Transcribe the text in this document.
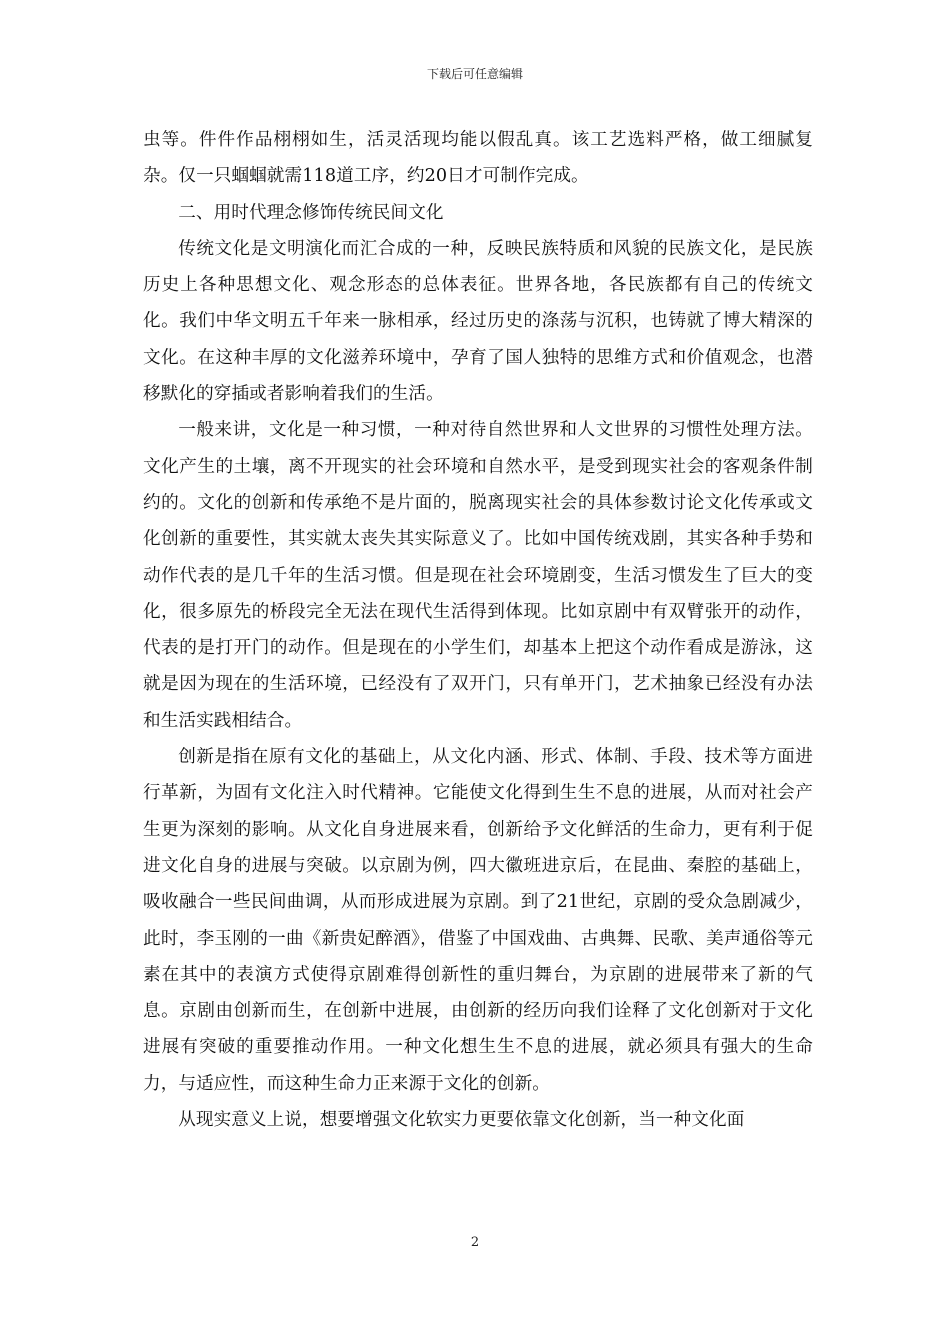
下载后可任意编辑

虫等。件件作品栩栩如生，活灵活现均能以假乱真。该工艺选料严格，做工细腻复杂。仅一只蝈蝈就需118道工序，约20日才可制作完成。

二、用时代理念修饰传统民间文化

传统文化是文明演化而汇合成的一种，反映民族特质和风貌的民族文化，是民族历史上各种思想文化、观念形态的总体表征。世界各地，各民族都有自己的传统文化。我们中华文明五千年来一脉相承，经过历史的涤荡与沉积，也铸就了博大精深的文化。在这种丰厚的文化滋养环境中，孕育了国人独特的思维方式和价值观念，也潜移默化的穿插或者影响着我们的生活。

一般来讲，文化是一种习惯，一种对待自然世界和人文世界的习惯性处理方法。文化产生的土壤，离不开现实的社会环境和自然水平，是受到现实社会的客观条件制约的。文化的创新和传承绝不是片面的，脱离现实社会的具体参数讨论文化传承或文化创新的重要性，其实就太丧失其实际意义了。比如中国传统戏剧，其实各种手势和动作代表的是几千年的生活习惯。但是现在社会环境剧变，生活习惯发生了巨大的变化，很多原先的桥段完全无法在现代生活得到体现。比如京剧中有双臂张开的动作，代表的是打开门的动作。但是现在的小学生们，却基本上把这个动作看成是游泳，这就是因为现在的生活环境，已经没有了双开门，只有单开门，艺术抽象已经没有办法和生活实践相结合。

创新是指在原有文化的基础上，从文化内涵、形式、体制、手段、技术等方面进行革新，为固有文化注入时代精神。它能使文化得到生生不息的进展，从而对社会产生更为深刻的影响。从文化自身进展来看，创新给予文化鲜活的生命力，更有利于促进文化自身的进展与突破。以京剧为例，四大徽班进京后，在昆曲、秦腔的基础上，吸收融合一些民间曲调，从而形成进展为京剧。到了21世纪，京剧的受众急剧减少，此时，李玉刚的一曲《新贵妃醉酒》，借鉴了中国戏曲、古典舞、民歌、美声通俗等元素在其中的表演方式使得京剧难得创新性的重归舞台，为京剧的进展带来了新的气息。京剧由创新而生，在创新中进展，由创新的经历向我们诠释了文化创新对于文化进展有突破的重要推动作用。一种文化想生生不息的进展，就必须具有强大的生命力，与适应性，而这种生命力正来源于文化的创新。

从现实意义上说，想要增强文化软实力更要依靠文化创新，当一种文化面

2
